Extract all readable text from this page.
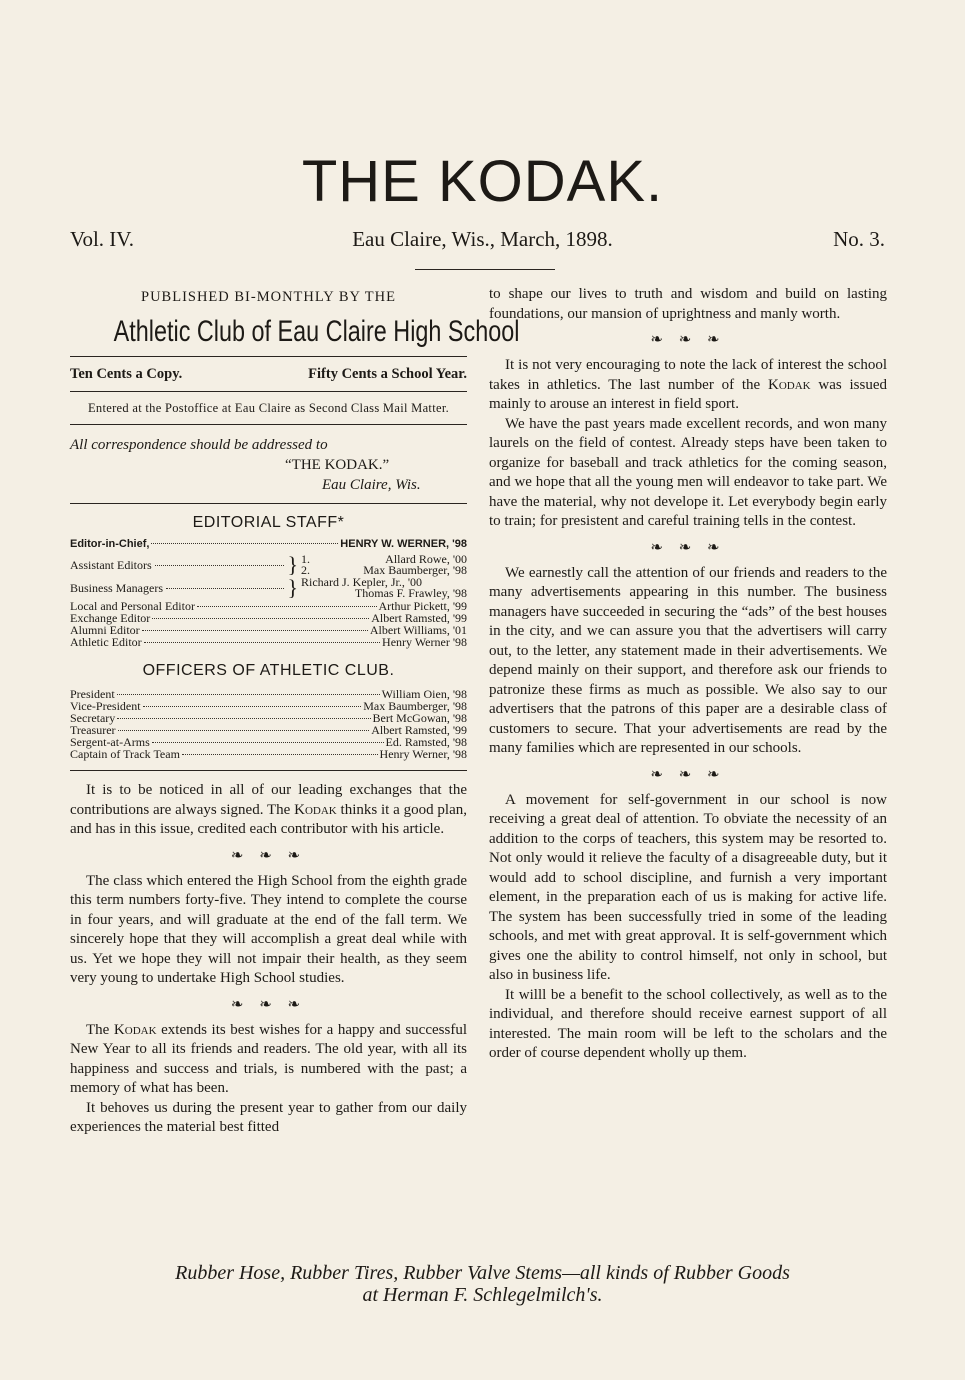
THE KODAK.
Vol. IV.	Eau Claire, Wis., March, 1898.	No. 3.
PUBLISHED BI-MONTHLY BY THE
Athletic Club of Eau Claire High School
Ten Cents a Copy.	Fifty Cents a School Year.
Entered at the Postoffice at Eau Claire as Second Class Mail Matter.
All correspondence should be addressed to
“THE KODAK.”
Eau Claire, Wis.
EDITORIAL STAFF*
Editor-in-Chief,	HENRY W. WERNER, '98
Assistant Editors	} 1.	Allard Rowe, '00
2.	Max Baumberger, '98
Business Managers	} Richard J. Kepler, Jr., '00
Thomas F. Frawley, '98
Local and Personal Editor	Arthur Pickett, '99
Exchange Editor	Albert Ramsted, '99
Alumni Editor	Albert Williams, '01
Athletic Editor	Henry Werner '98
OFFICERS OF ATHLETIC CLUB.
President	William Oien, '98
Vice-President	Max Baumberger, '98
Secretary	Bert McGowan, '98
Treasurer	Albert Ramsted, '99
Sergent-at-Arms	Ed. Ramsted, '98
Captain of Track Team	Henry Werner, '98

It is to be noticed in all of our leading exchanges that the contributions are always signed. The Kodak thinks it a good plan, and has in this issue, credited each contributor with his article.

❧ ❧ ❧

The class which entered the High School from the eighth grade this term numbers forty-five. They intend to complete the course in four years, and will graduate at the end of the fall term. We sincerely hope that they will accomplish a great deal while with us. Yet we hope they will not impair their health, as they seem very young to undertake High School studies.

❧ ❧ ❧

The Kodak extends its best wishes for a happy and successful New Year to all its friends and readers. The old year, with all its happiness and success and trials, is numbered with the past; a memory of what has been.

It behoves us during the present year to gather from our daily experiences the material best fitted

to shape our lives to truth and wisdom and build on lasting foundations, our mansion of uprightness and manly worth.

❧ ❧ ❧

It is not very encouraging to note the lack of interest the school takes in athletics. The last number of the Kodak was issued mainly to arouse an interest in field sport.

We have the past years made excellent records, and won many laurels on the field of contest. Already steps have been taken to organize for baseball and track athletics for the coming season, and we hope that all the young men will endeavor to take part. We have the material, why not develope it. Let everybody begin early to train; for presistent and careful training tells in the contest.

❧ ❧ ❧

We earnestly call the attention of our friends and readers to the many advertisements appearing in this number. The business managers have succeeded in securing the “ads” of the best houses in the city, and we can assure you that the advertisers will carry out, to the letter, any statement made in their advertisements. We depend mainly on their support, and therefore ask our friends to patronize these firms as much as possible. We also say to our advertisers that the patrons of this paper are a desirable class of customers to secure. That your advertisements are read by the many families which are represented in our schools.

❧ ❧ ❧

A movement for self-government in our school is now receiving a great deal of attention. To obviate the necessity of an addition to the corps of teachers, this system may be resorted to. Not only would it relieve the faculty of a disagreeable duty, but it would add to school discipline, and furnish a very important element, in the preparation each of us is making for active life. The system has been successfully tried in some of the leading schools, and met with great approval. It is self-government which gives one the ability to control himself, not only in school, but also in business life.

It willl be a benefit to the school collectively, as well as to the individual, and therefore should receive earnest support of all interested. The main room will be left to the scholars and the order of course dependent wholly up them.

Rubber Hose, Rubber Tires, Rubber Valve Stems—all kinds of Rubber Goods
at Herman F. Schlegelmilch's.
